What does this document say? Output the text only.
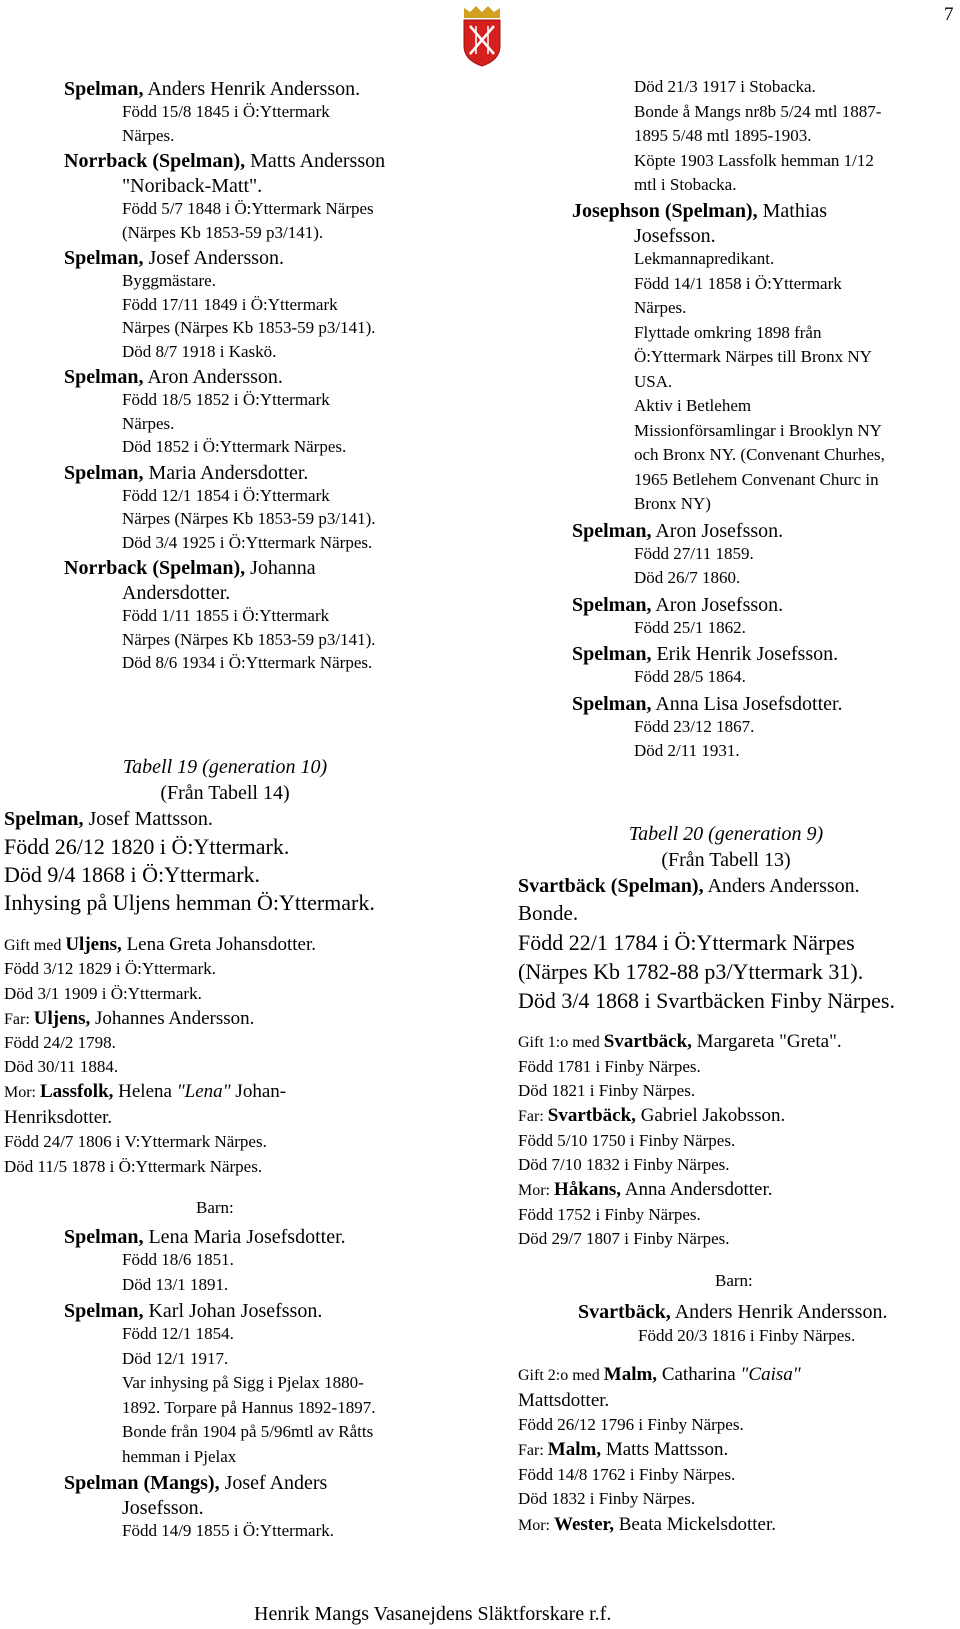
7
Spelman, Anders Henrik Andersson.
Född 15/8 1845 i Ö:Yttermark
Närpes.
Norrback (Spelman), Matts Andersson
"Noriback-Matt".
Född 5/7 1848 i Ö:Yttermark Närpes
(Närpes Kb 1853-59 p3/141).
Spelman, Josef Andersson.
Byggmästare.
Född 17/11 1849 i Ö:Yttermark
Närpes (Närpes Kb 1853-59 p3/141).
Död 8/7 1918 i Kaskö.
Spelman, Aron Andersson.
Född 18/5 1852 i Ö:Yttermark
Närpes.
Död 1852 i Ö:Yttermark Närpes.
Spelman, Maria Andersdotter.
Född 12/1 1854 i Ö:Yttermark
Närpes (Närpes Kb 1853-59 p3/141).
Död 3/4 1925 i Ö:Yttermark Närpes.
Norrback (Spelman), Johanna
Andersdotter.
Född 1/11 1855 i Ö:Yttermark
Närpes (Närpes Kb 1853-59 p3/141).
Död 8/6 1934 i Ö:Yttermark Närpes.
Tabell 19 (generation 10)
(Från Tabell 14)
Spelman, Josef Mattsson.
Född 26/12 1820 i Ö:Yttermark.
Död 9/4 1868 i Ö:Yttermark.
Inhysing på Uljens hemman Ö:Yttermark.
Gift med Uljens, Lena Greta Johansdotter.
Född 3/12 1829 i Ö:Yttermark.
Död 3/1 1909 i Ö:Yttermark.
Far: Uljens, Johannes Andersson.
Född 24/2 1798.
Död 30/11 1884.
Mor: Lassfolk, Helena "Lena" Johan-
Henriksdotter.
Född 24/7 1806 i V:Yttermark Närpes.
Död 11/5 1878 i Ö:Yttermark Närpes.
Barn:
Spelman, Lena Maria Josefsdotter.
Född 18/6 1851.
Död 13/1 1891.
Spelman, Karl Johan Josefsson.
Född 12/1 1854.
Död 12/1 1917.
Var inhysing på Sigg i Pjelax 1880-
1892. Torpare på Hannus 1892-1897.
Bonde från 1904 på 5/96mtl av Råtts
hemman i Pjelax
Spelman (Mangs), Josef Anders
Josefsson.
Född 14/9 1855 i Ö:Yttermark.
Död 21/3 1917 i Stobacka.
Bonde å Mangs nr8b 5/24 mtl 1887-
1895 5/48 mtl 1895-1903.
Köpte 1903 Lassfolk hemman 1/12
mtl i Stobacka.
Josephson (Spelman), Mathias
Josefsson.
Lekmannapredikant.
Född 14/1 1858 i Ö:Yttermark
Närpes.
Flyttade omkring 1898 från
Ö:Yttermark Närpes till Bronx NY
USA.
Aktiv i Betlehem
Missionförsamlingar i Brooklyn NY
och Bronx NY. (Convenant Churhes,
1965 Betlehem Convenant Churc in
Bronx NY)
Spelman, Aron Josefsson.
Född 27/11 1859.
Död 26/7 1860.
Spelman, Aron Josefsson.
Född 25/1 1862.
Spelman, Erik Henrik Josefsson.
Född 28/5 1864.
Spelman, Anna Lisa Josefsdotter.
Född 23/12 1867.
Död 2/11 1931.
Tabell 20 (generation 9)
(Från Tabell 13)
Svartbäck (Spelman), Anders Andersson.
Bonde.
Född 22/1 1784 i Ö:Yttermark Närpes
(Närpes Kb 1782-88 p3/Yttermark 31).
Död 3/4 1868 i Svartbäcken Finby Närpes.
Gift 1:o med Svartbäck, Margareta "Greta".
Född 1781 i Finby Närpes.
Död 1821 i Finby Närpes.
Far: Svartbäck, Gabriel Jakobsson.
Född 5/10 1750 i Finby Närpes.
Död 7/10 1832 i Finby Närpes.
Mor: Håkans, Anna Andersdotter.
Född 1752 i Finby Närpes.
Död 29/7 1807 i Finby Närpes.
Barn:
Svartbäck, Anders Henrik Andersson.
Född 20/3 1816 i Finby Närpes.
Gift 2:o med Malm, Catharina "Caisa"
Mattsdotter.
Född 26/12 1796 i Finby Närpes.
Far: Malm, Matts Mattsson.
Född 14/8 1762 i Finby Närpes.
Död 1832 i Finby Närpes.
Mor: Wester, Beata Mickelsdotter.
Henrik Mangs Vasanejdens Släktforskare r.f.
